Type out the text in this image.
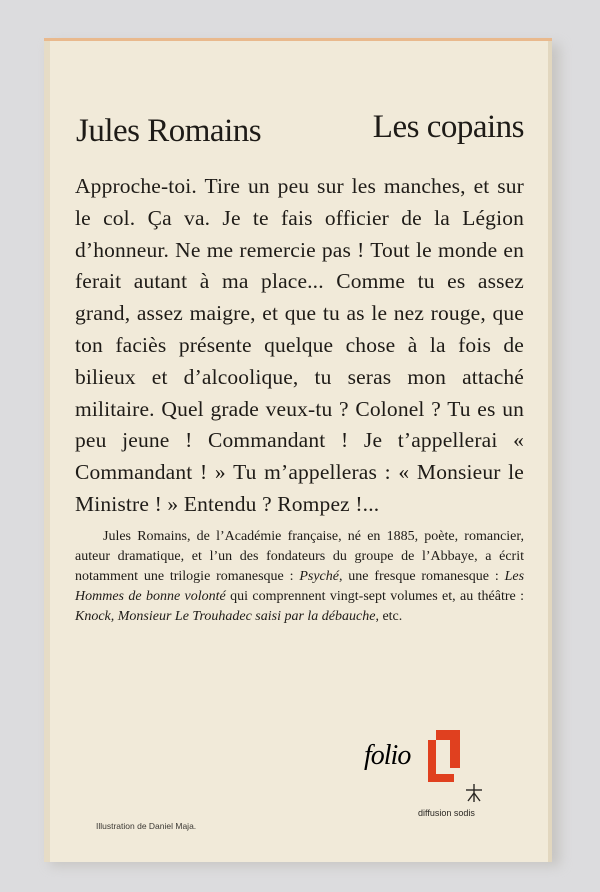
Jules Romains	Les copains

Approche-toi. Tire un peu sur les manches, et sur le col. Ça va. Je te fais officier de la Légion d’honneur. Ne me remercie pas ! Tout le monde en ferait autant à ma place... Comme tu es assez grand, assez maigre, et que tu as le nez rouge, que ton faciès présente quelque chose à la fois de bilieux et d’alcoolique, tu seras mon attaché militaire. Quel grade veux-tu ? Colonel ? Tu es un peu jeune ! Commandant ! Je t’appellerai « Commandant ! » Tu m’appelleras : « Monsieur le Ministre ! » Entendu ? Rompez !...

Jules Romains, de l’Académie française, né en 1885, poète, romancier, auteur dramatique, et l’un des fondateurs du groupe de l’Abbaye, a écrit notamment une trilogie romanesque : Psyché, une fresque romanesque : Les Hommes de bonne volonté qui comprennent vingt-sept volumes et, au théâtre : Knock, Monsieur Le Trouhadec saisi par la débauche, etc.

Illustration de Daniel Maja.
folio
diffusion sodis
